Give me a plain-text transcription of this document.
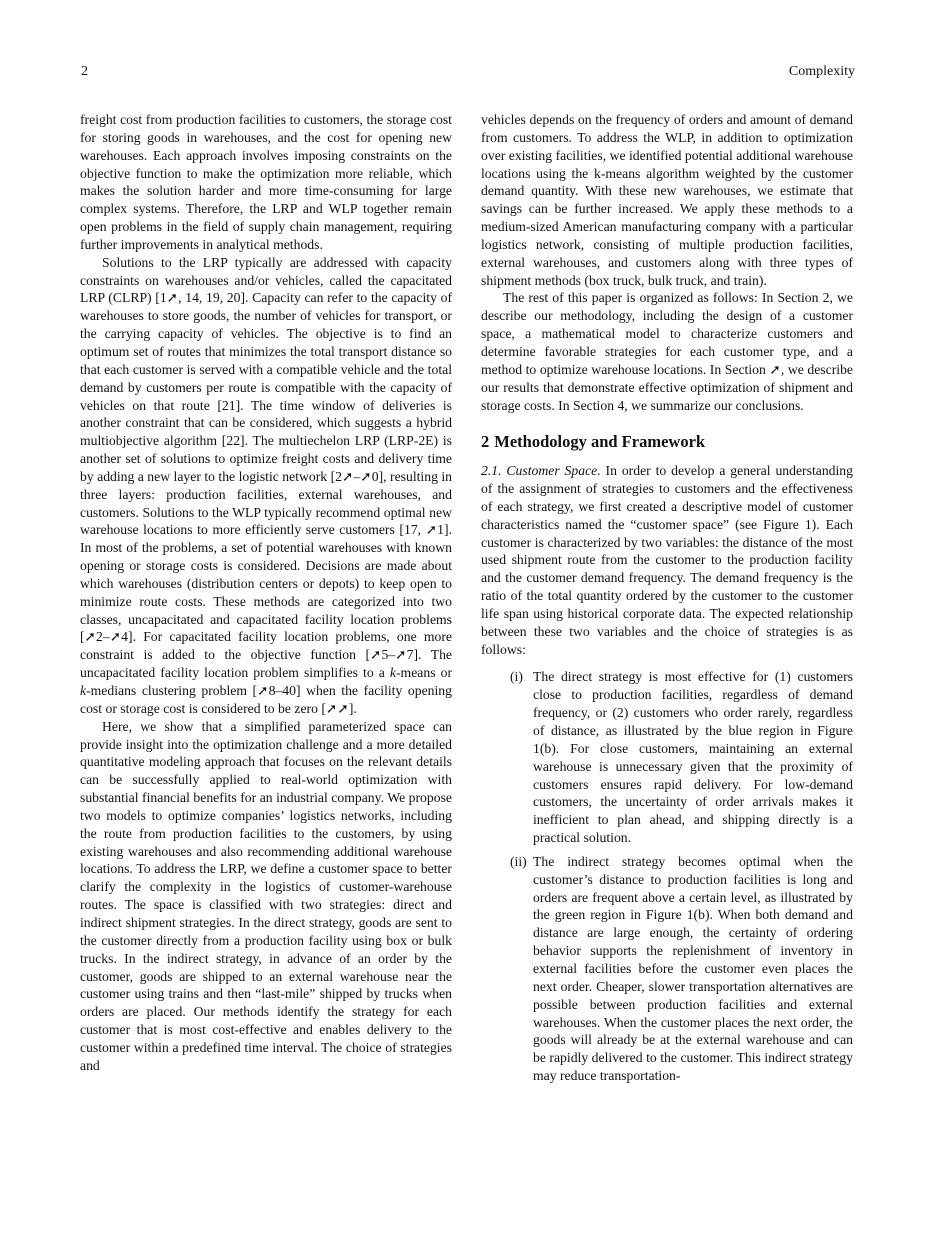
2	Complexity

freight cost from production facilities to customers, the storage cost for storing goods in warehouses, and the cost for opening new warehouses. Each approach involves imposing constraints on the objective function to make the optimization more reliable, which makes the solution harder and more time-consuming for large complex systems. Therefore, the LRP and WLP together remain open problems in the field of supply chain management, requiring further improvements in analytical methods.

Solutions to the LRP typically are addressed with capacity constraints on warehouses and/or vehicles, called the capacitated LRP (CLRP) [1➚, 14, 19, 20]. Capacity can refer to the capacity of warehouses to store goods, the number of vehicles for transport, or the carrying capacity of vehicles. The objective is to find an optimum set of routes that minimizes the total transport distance so that each customer is served with a compatible vehicle and the total demand by customers per route is compatible with the capacity of vehicles on that route [21]. The time window of deliveries is another constraint that can be considered, which suggests a hybrid multiobjective algorithm [22]. The multiechelon LRP (LRP-2E) is another set of solutions to optimize freight costs and delivery time by adding a new layer to the logistic network [2➚–➚0], resulting in three layers: production facilities, external warehouses, and customers. Solutions to the WLP typically recommend optimal new warehouse locations to more efficiently serve customers [17, ➚1]. In most of the problems, a set of potential warehouses with known opening or storage costs is considered. Decisions are made about which warehouses (distribution centers or depots) to keep open to minimize route costs. These methods are categorized into two classes, uncapacitated and capacitated facility location problems [➚2–➚4]. For capacitated facility location problems, one more constraint is added to the objective function [➚5–➚7]. The uncapacitated facility location problem simplifies to a k-means or k-medians clustering problem [➚8–40] when the facility opening cost or storage cost is considered to be zero [➚➚].

Here, we show that a simplified parameterized space can provide insight into the optimization challenge and a more detailed quantitative modeling approach that focuses on the relevant details can be successfully applied to real-world optimization with substantial financial benefits for an industrial company. We propose two models to optimize companies’ logistics networks, including the route from production facilities to the customers, by using existing warehouses and also recommending additional warehouse locations. To address the LRP, we define a customer space to better clarify the complexity in the logistics of customer-warehouse routes. The space is classified with two strategies: direct and indirect shipment strategies. In the direct strategy, goods are sent to the customer directly from a production facility using box or bulk trucks. In the indirect strategy, in advance of an order by the customer, goods are shipped to an external warehouse near the customer using trains and then “last-mile” shipped by trucks when orders are placed. Our methods identify the strategy for each customer that is most cost-effective and enables delivery to the customer within a predefined time interval. The choice of strategies and

vehicles depends on the frequency of orders and amount of demand from customers. To address the WLP, in addition to optimization over existing facilities, we identified potential additional warehouse locations using the k-means algorithm weighted by the customer demand quantity. With these new warehouses, we estimate that savings can be further increased. We apply these methods to a medium-sized American manufacturing company with a particular logistics network, consisting of multiple production facilities, external warehouses, and customers along with three types of shipment methods (box truck, bulk truck, and train).

The rest of this paper is organized as follows: In Section 2, we describe our methodology, including the design of a customer space, a mathematical model to characterize customers and determine favorable strategies for each customer type, and a method to optimize warehouse locations. In Section ➚, we describe our results that demonstrate effective optimization of shipment and storage costs. In Section 4, we summarize our conclusions.

2 Methodology and Framework

2.1. Customer Space. In order to develop a general understanding of the assignment of strategies to customers and the effectiveness of each strategy, we first created a descriptive model of customer characteristics named the “customer space” (see Figure 1). Each customer is characterized by two variables: the distance of the most used shipment route from the customer to the production facility and the customer demand frequency. The demand frequency is the ratio of the total quantity ordered by the customer to the customer life span using historical corporate data. The expected relationship between these two variables and the choice of strategies is as follows:

(i) The direct strategy is most effective for (1) customers close to production facilities, regardless of demand frequency, or (2) customers who order rarely, regardless of distance, as illustrated by the blue region in Figure 1(b). For close customers, maintaining an external warehouse is unnecessary given that the proximity of customers ensures rapid delivery. For low-demand customers, the uncertainty of order arrivals makes it inefficient to plan ahead, and shipping directly is a practical solution.
(ii) The indirect strategy becomes optimal when the customer’s distance to production facilities is long and orders are frequent above a certain level, as illustrated by the green region in Figure 1(b). When both demand and distance are large enough, the certainty of ordering behavior supports the replenishment of inventory in external facilities before the customer even places the next order. Cheaper, slower transportation alternatives are possible between production facilities and external warehouses. When the customer places the next order, the goods will already be at the external warehouse and can be rapidly delivered to the customer. This indirect strategy may reduce transportation-
